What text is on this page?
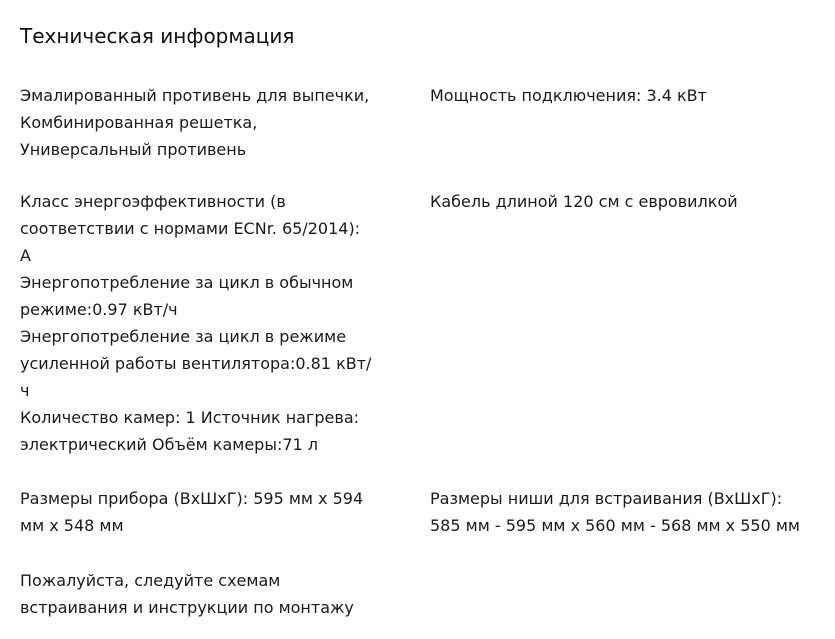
Техническая информация

Эмалированный противень для выпечки,
Комбинированная решетка,
Универсальный противень

Мощность подключения: 3.4 кВт

Класс энергоэффективности (в
соответствии с нормами ECNr. 65/2014):
А
Энергопотребление за цикл в обычном
режиме:0.97 кВт/ч
Энергопотребление за цикл в режиме
усиленной работы вентилятора:0.81 кВт/
ч
Количество камер: 1 Источник нагрева:
электрический Объём камеры:71 л

Кабель длиной 120 см с евровилкой

Размеры прибора (ВхШхГ): 595 мм x 594
мм x 548 мм

Размеры ниши для встраивания (ВхШхГ):
585 мм - 595 мм x 560 мм - 568 мм x 550 мм

Пожалуйста, следуйте схемам
встраивания и инструкции по монтажу
